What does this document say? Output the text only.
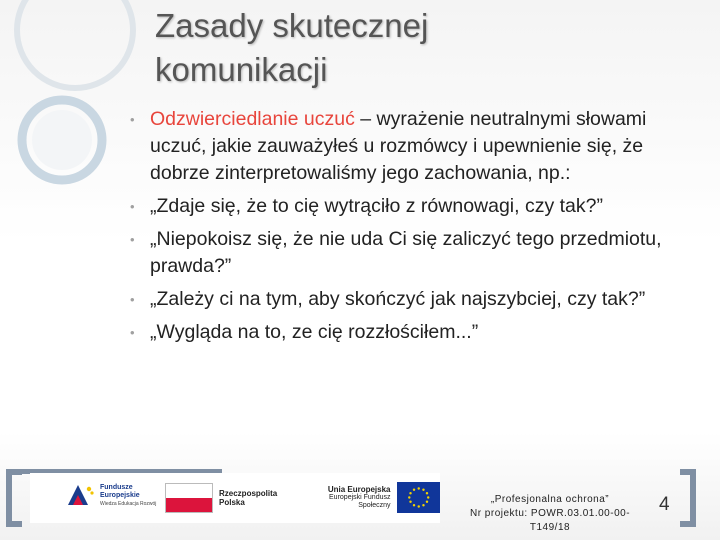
Zasady skutecznej
komunikacji
• Odzwierciedlanie uczuć – wyrażenie neutralnymi słowami uczuć, jakie zauważyłeś u rozmówcy i upewnienie się, że dobrze zinterpretowaliśmy jego zachowania, np.:
• „Zdaje się, że to cię wytrąciło z równowagi, czy tak?”
• „Niepokoisz się, że nie uda Ci się zaliczyć tego przedmiotu, prawda?”
• „Zależy ci na tym, aby skończyć jak najszybciej, czy tak?”
• „Wygląda na to, ze cię rozzłościłem...”
Fundusze
Europejskie
Wiedza Edukacja Rozwój
Rzeczpospolita
Polska
Unia Europejska
Europejski Fundusz Społeczny	„Profesjonalna ochrona”
Nr projektu: POWR.03.01.00-00-T149/18
4
